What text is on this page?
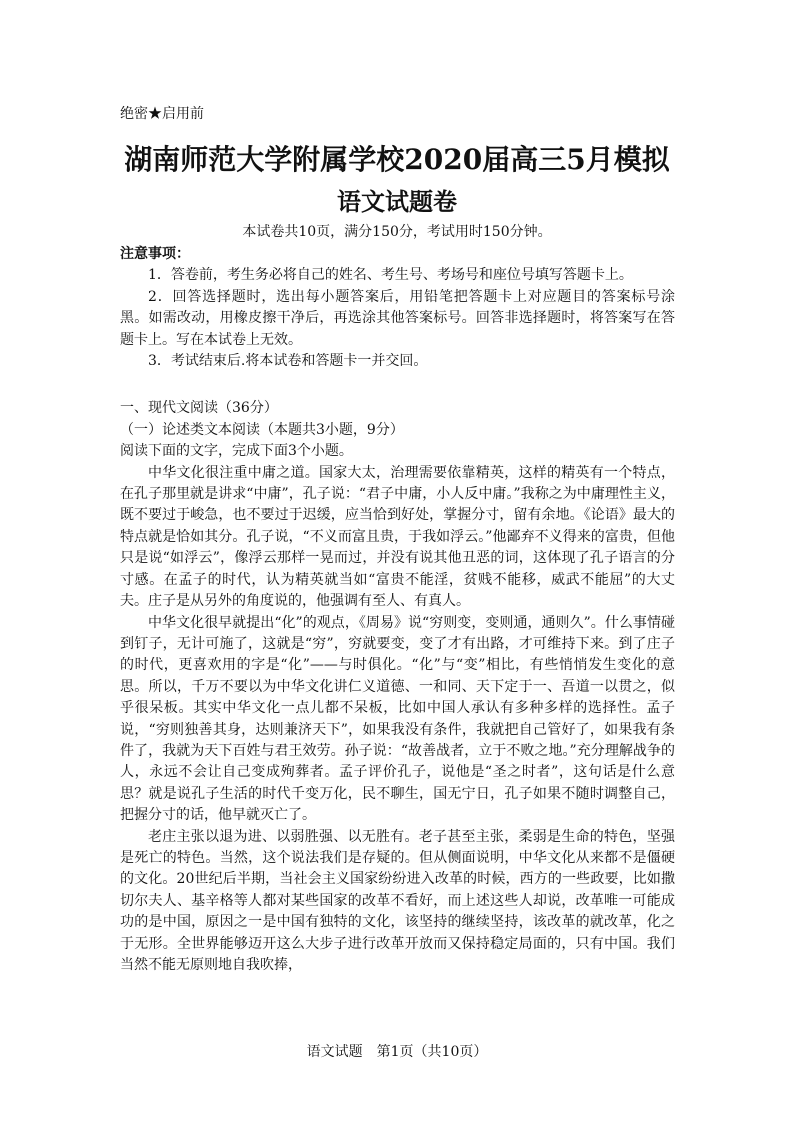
绝密★启用前
湖南师范大学附属学校2020届高三5月模拟
语文试题卷
本试卷共10页，满分150分，考试用时150分钟。

注意事项：

1．答卷前，考生务必将自己的姓名、考生号、考场号和座位号填写答题卡上。

2．回答选择题时，选出每小题答案后，用铅笔把答题卡上对应题目的答案标号涂 黑。如需改动，用橡皮擦干净后，再选涂其他答案标号。回答非选择题时，将答案写在答题卡上。写在本试卷上无效。

3．考试结束后.将本试卷和答题卡一并交回。

一、现代文阅读（36分）

（一）论述类文本阅读（本题共3小题，9分）

阅读下面的文字，完成下面3个小题。

中华文化很注重中庸之道。国家大太，治理需要依靠精英，这样的精英有一个特点，在孔子那里就是讲求“中庸”，孔子说：“君子中庸，小人反中庸。”我称之为中庸理性主义，既不要过于峻急，也不要过于迟缓，应当恰到好处，掌握分寸，留有余地。《论语》最大的特点就是恰如其分。孔子说，“不义而富且贵，于我如浮云。”他鄙弃不义得来的富贵，但他只是说“如浮云”，像浮云那样一晃而过，并没有说其他丑恶的词，这体现了孔子语言的分寸感。在孟子的时代，认为精英就当如“富贵不能淫，贫贱不能移，威武不能屈”的大丈夫。庄子是从另外的角度说的，他强调有至人、有真人。

中华文化很早就提出“化”的观点，《周易》说“穷则变，变则通，通则久”。什么事情碰到钉子，无计可施了，这就是“穷”，穷就要变，变了才有出路，才可维持下来。到了庄子的时代，更喜欢用的字是“化”——与时俱化。“化”与“变”相比，有些悄悄发生变化的意思。所以，千万不要以为中华文化讲仁义道德、一和同、天下定于一、吾道一以贯之，似乎很呆板。其实中华文化一点儿都不呆板，比如中国人承认有多种多样的选择性。孟子说，“穷则独善其身，达则兼济天下”，如果我没有条件，我就把自己管好了，如果我有条件了，我就为天下百姓与君王效劳。孙子说：“故善战者，立于不败之地。”充分理解战争的人，永远不会让自己变成殉葬者。孟子评价孔子，说他是“圣之时者”，这句话是什么意思？就是说孔子生活的时代千变万化，民不聊生，国无宁日，孔子如果不随时调整自己，把握分寸的话，他早就灭亡了。

老庄主张以退为进、以弱胜强、以无胜有。老子甚至主张，柔弱是生命的特色，坚强是死亡的特色。当然，这个说法我们是存疑的。但从侧面说明，中华文化从来都不是僵硬的文化。20世纪后半期，当社会主义国家纷纷进入改革的时候，西方的一些政要，比如撒切尔夫人、基辛格等人都对某些国家的改革不看好，而上述这些人却说，改革唯一可能成功的是中国，原因之一是中国有独特的文化，该坚持的继续坚持，该改革的就改革，化之于无形。全世界能够迈开这么大步子进行改革开放而又保持稳定局面的，只有中国。我们当然不能无原则地自我吹捧，

语文试题　第1页（共10页）
